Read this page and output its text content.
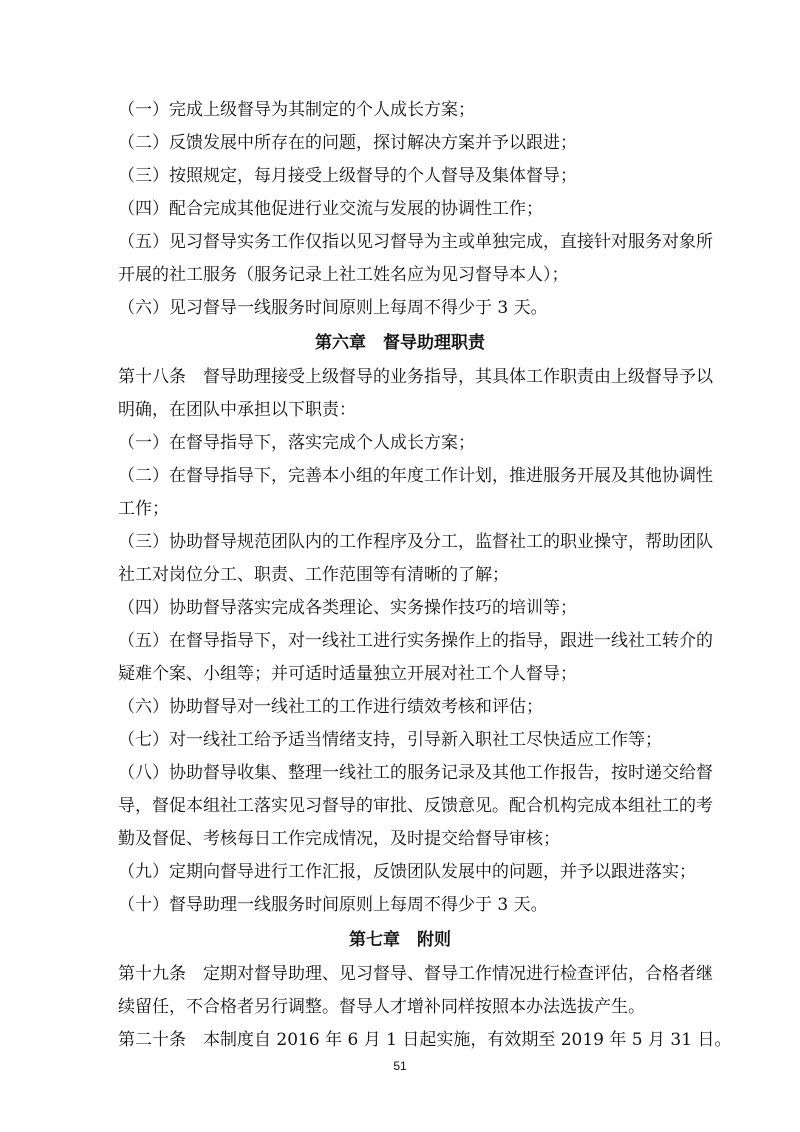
（一）完成上级督导为其制定的个人成长方案；
（二）反馈发展中所存在的问题，探讨解决方案并予以跟进；
（三）按照规定，每月接受上级督导的个人督导及集体督导；
（四）配合完成其他促进行业交流与发展的协调性工作；
（五）见习督导实务工作仅指以见习督导为主或单独完成，直接针对服务对象所
开展的社工服务（服务记录上社工姓名应为见习督导本人）；
（六）见习督导一线服务时间原则上每周不得少于 3 天。
第六章　督导助理职责
第十八条　督导助理接受上级督导的业务指导，其具体工作职责由上级督导予以
明确，在团队中承担以下职责：
（一）在督导指导下，落实完成个人成长方案；
（二）在督导指导下，完善本小组的年度工作计划，推进服务开展及其他协调性
工作；
（三）协助督导规范团队内的工作程序及分工，监督社工的职业操守，帮助团队
社工对岗位分工、职责、工作范围等有清晰的了解；
（四）协助督导落实完成各类理论、实务操作技巧的培训等；
（五）在督导指导下，对一线社工进行实务操作上的指导，跟进一线社工转介的
疑难个案、小组等；并可适时适量独立开展对社工个人督导；
（六）协助督导对一线社工的工作进行绩效考核和评估；
（七）对一线社工给予适当情绪支持，引导新入职社工尽快适应工作等；
（八）协助督导收集、整理一线社工的服务记录及其他工作报告，按时递交给督
导，督促本组社工落实见习督导的审批、反馈意见。配合机构完成本组社工的考
勤及督促、考核每日工作完成情况，及时提交给督导审核；
（九）定期向督导进行工作汇报，反馈团队发展中的问题，并予以跟进落实；
（十）督导助理一线服务时间原则上每周不得少于 3 天。
第七章　附则
第十九条　定期对督导助理、见习督导、督导工作情况进行检查评估，合格者继
续留任，不合格者另行调整。督导人才增补同样按照本办法选拔产生。
第二十条　本制度自 2016 年 6 月 1 日起实施，有效期至 2019 年 5 月 31 日。
51
